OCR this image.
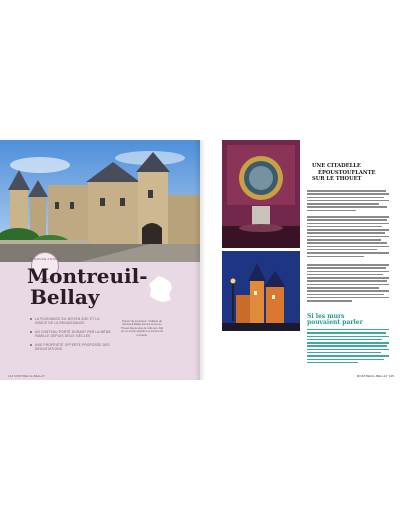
LA DOUCE ANJOU
Montreuil-
Bellay
LA PUISSANCE DU MOYEN ÂGE ET LA GRÂCE DE LA RENAISSANCE
UN CHÂTEAU PORTÉ DURANT PAR LA MÊME FAMILLE DEPUIS DEUX SIÈCLES
UNE PROPRIÉTÉ OFFERTE PROPOSÉE DES DÉGUSTATIONS
Prenez de la hauteur : Château de Montreuil-Bellay domine la rive du Thouet depuis plus de mille ans, bâti sur un ancien oppidum et entouré de remparts.
124 MONTREUIL-BELLAY
UNE CITADELLE
ÉPOUSTOUFLANTE
SUR LE THOUET
Si les murs
pouvaient parler
MONTREUIL-BELLAY 125
